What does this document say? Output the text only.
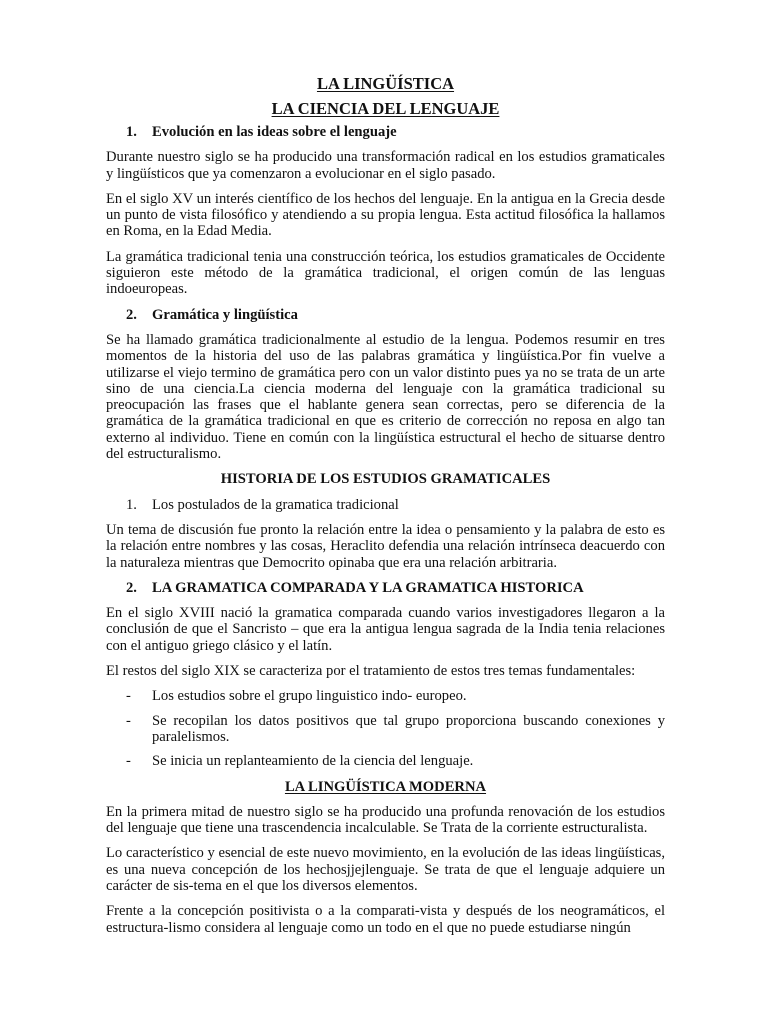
LA LINGÜÍSTICA
LA CIENCIA DEL LENGUAJE
1.	Evolución en las ideas sobre el lenguaje

Durante nuestro siglo se ha producido una transformación radical en los estudios gramaticales y lingüísticos que ya comenzaron a evolucionar en el siglo pasado.

En el siglo XV un interés científico de los hechos del lenguaje. En la antigua en la Grecia desde un punto de vista filosófico y atendiendo a su propia lengua. Esta actitud filosófica la hallamos en Roma, en la Edad Media.

La gramática tradicional tenia una construcción teórica, los estudios gramaticales de Occidente siguieron este método de la gramática tradicional, el origen común de las lenguas indoeuropeas.

2.	Gramática y lingüística

Se ha llamado gramática tradicionalmente al estudio de la lengua. Podemos resumir en tres momentos de la historia del uso de las palabras gramática y lingüística.Por fin vuelve a utilizarse el viejo termino de gramática pero con un valor distinto pues ya no se trata de un arte sino de una ciencia.La ciencia moderna del lenguaje con la gramática tradicional su preocupación las frases que el hablante genera sean correctas, pero se diferencia de la gramática de la gramática tradicional en que es criterio de corrección no reposa en algo tan externo al individuo. Tiene en común con la lingüística estructural el hecho de situarse dentro del estructuralismo.

HISTORIA DE LOS ESTUDIOS GRAMATICALES
1.	Los postulados de la gramatica tradicional

Un tema de discusión fue pronto la relación entre la idea o pensamiento y la palabra de esto es la relación entre nombres y las cosas, Heraclito defendia una relación intrínseca deacuerdo con la naturaleza mientras que Democrito opinaba que era una relación arbitraria.

2.	LA GRAMATICA COMPARADA Y LA GRAMATICA HISTORICA

En el siglo XVIII nació la gramatica comparada cuando varios investigadores llegaron a la conclusión de que el Sancristo – que era la antigua lengua sagrada de la India tenia relaciones con el antiguo griego clásico y el latín.

El restos del siglo XIX se caracteriza por el tratamiento de estos tres temas fundamentales:

-	Los estudios sobre el grupo linguistico indo- europeo.
-	Se recopilan los datos positivos que tal grupo proporciona buscando conexiones y paralelismos.
-	Se inicia un replanteamiento de la ciencia del lenguaje.
LA LINGÜÍSTICA MODERNA

En la primera mitad de nuestro siglo se ha producido una profunda renovación de los estudios del lenguaje que tiene una trascendencia incalculable. Se Trata de la corriente estructuralista.

Lo característico y esencial de este nuevo movimiento, en la evolución de las ideas lingüísticas, es una nueva concepción de los hechosjjejlenguaje. Se trata de que el lenguaje adquiere un carácter de sis-tema en el que los diversos elementos.

Frente a la concepción positivista o a la comparati-vista y después de los neogramáticos, el estructura-lismo considera al lenguaje como un todo en el que no puede estudiarse ningún
